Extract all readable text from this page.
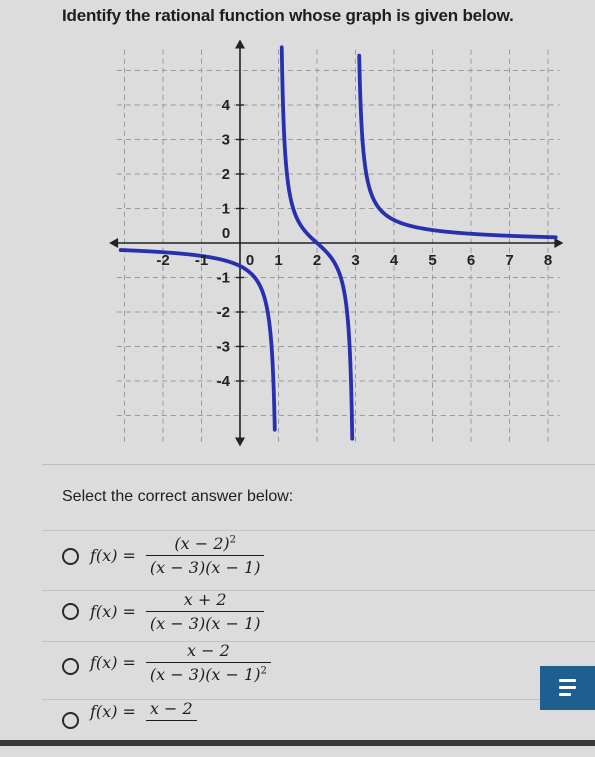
Identify the rational function whose graph is given below.
-2 -1	0 1 2 3 4 5 6 7 8
4
3
2
1
0
-1
-2
-3
-4
Select the correct answer below:
$f(x) = \frac{(x - 2)^2}{(x - 3)(x - 1)}$
$f(x) = \frac{x + 2}{(x - 3)(x - 1)}$
$f(x) = \frac{x - 2}{(x - 3)(x - 1)^2}$
f(x) = x − 2
